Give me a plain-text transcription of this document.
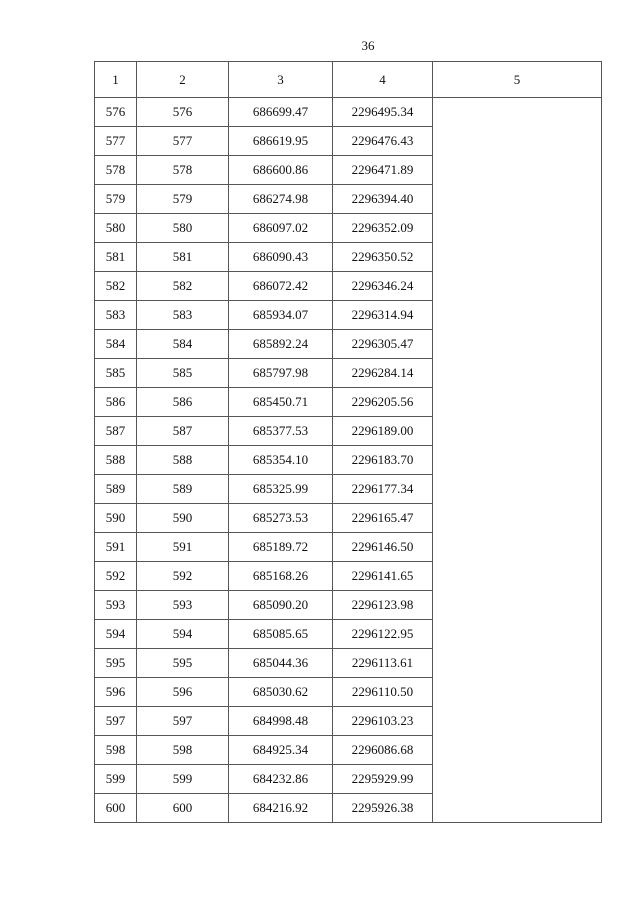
36
1	2	3	4	5
576	576	686699.47	2296495.34	
577	577	686619.95	2296476.43	
578	578	686600.86	2296471.89	
579	579	686274.98	2296394.40	
580	580	686097.02	2296352.09	
581	581	686090.43	2296350.52	
582	582	686072.42	2296346.24	
583	583	685934.07	2296314.94	
584	584	685892.24	2296305.47	
585	585	685797.98	2296284.14	
586	586	685450.71	2296205.56	
587	587	685377.53	2296189.00	
588	588	685354.10	2296183.70	
589	589	685325.99	2296177.34	
590	590	685273.53	2296165.47	
591	591	685189.72	2296146.50	
592	592	685168.26	2296141.65	
593	593	685090.20	2296123.98	
594	594	685085.65	2296122.95	
595	595	685044.36	2296113.61	
596	596	685030.62	2296110.50	
597	597	684998.48	2296103.23	
598	598	684925.34	2296086.68	
599	599	684232.86	2295929.99	
600	600	684216.92	2295926.38	
